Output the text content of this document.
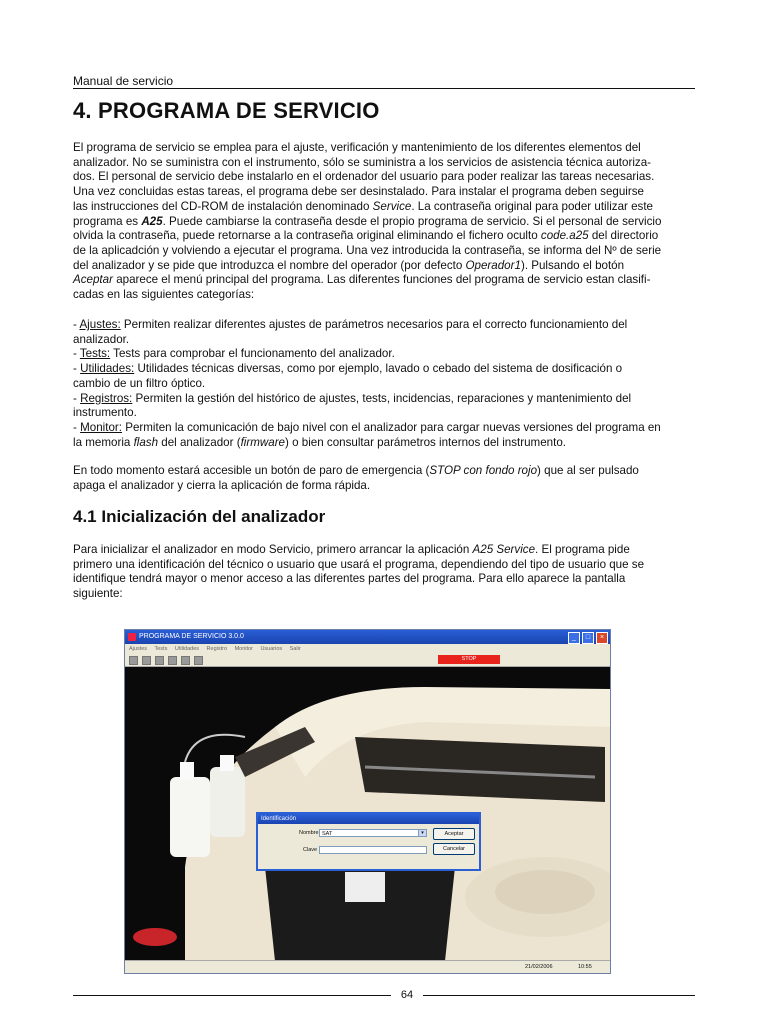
Manual de servicio
4. PROGRAMA DE SERVICIO

El programa de servicio se emplea para el ajuste, verificación y mantenimiento de los diferentes elementos del
analizador. No se suministra con el instrumento, sólo se suministra a los servicios de asistencia técnica autoriza-
dos. El personal de servicio debe instalarlo en el ordenador del usuario para poder realizar las tareas necesarias.
Una vez concluidas estas tareas, el programa debe ser desinstalado. Para instalar el programa deben seguirse
las instrucciones del CD-ROM de instalación denominado Service. La contraseña original para poder utilizar este
programa es A25. Puede cambiarse la contraseña desde el propio programa de servicio. Si el personal de servicio
olvida la contraseña, puede retornarse a la contraseña original eliminando el fichero oculto code.a25 del directorio
de la aplicadción y volviendo a ejecutar el programa. Una vez introducida la contraseña, se informa del Nº de serie
del analizador y se pide que introduzca el nombre del operador (por defecto Operador1). Pulsando el botón
Aceptar aparece el menú principal del programa. Las diferentes funciones del programa de servicio estan clasifi-
cadas en las siguientes categorías:

- Ajustes: Permiten realizar diferentes ajustes de parámetros necesarios para el correcto funcionamiento del
analizador.
- Tests: Tests para comprobar el funcionamento del analizador.
- Utilidades: Utilidades técnicas diversas, como por ejemplo, lavado o cebado del sistema de dosificación o
cambio de un filtro óptico.
- Registros: Permiten la gestión del histórico de ajustes, tests, incidencias, reparaciones y mantenimiento del
instrumento.
- Monitor: Permiten la comunicación de bajo nivel con el analizador para cargar nuevas versiones del programa en
la memoria flash del analizador (firmware) o bien consultar parámetros internos del instrumento.

En todo momento estará accesible un botón de paro de emergencia (STOP con fondo rojo) que al ser pulsado
apaga el analizador y cierra la aplicación de forma rápida.

4.1 Inicialización del analizador

Para inicializar el analizador en modo Servicio, primero arrancar la aplicación A25 Service. El programa pide
primero una identificación del técnico o usuario que usará el programa, dependiendo del tipo de usuario que se
identifique tendrá mayor o menor acceso a las diferentes partes del programa. Para ello aparece la pantalla
siguiente:

PROGRAMA DE SERVICIO 3.0.0	_	□	×
Ajustes Tests Utilidades Registro Monitor Usuarios Salir
STOP
Identificación
Nombre SAT	▾
Clave
Aceptar
Cancelar
21/02/2006	10:55
64
